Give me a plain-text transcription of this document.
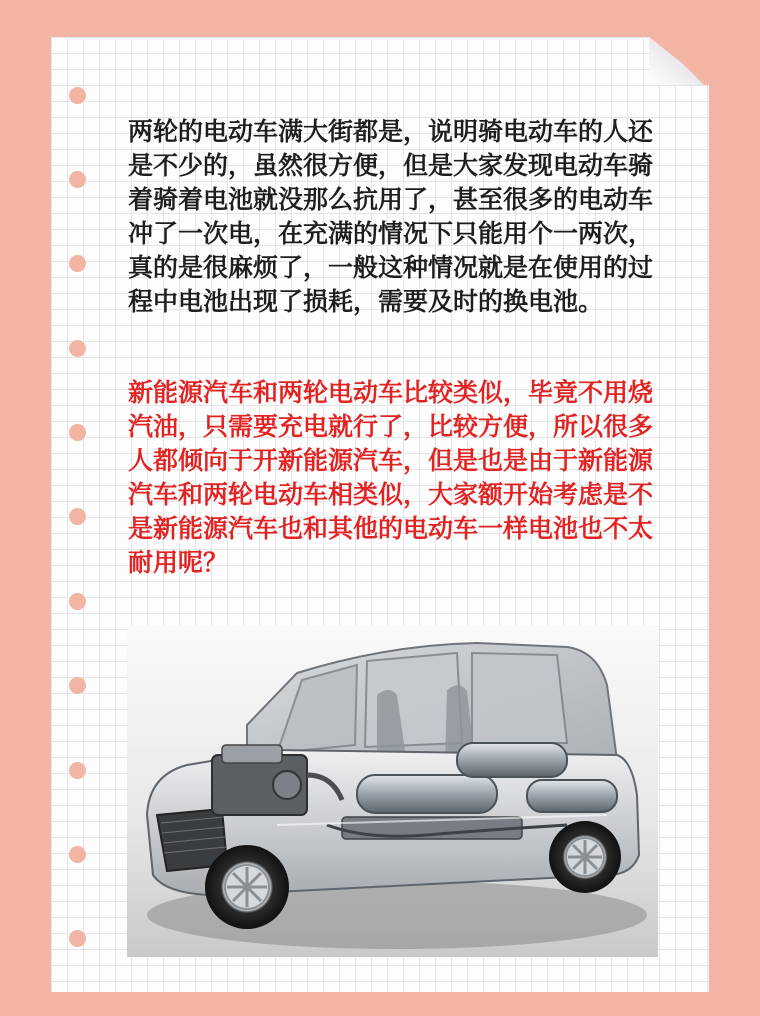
两轮的电动车满大街都是，说明骑电动车的人还是不少的，虽然很方便，但是大家发现电动车骑着骑着电池就没那么抗用了，甚至很多的电动车冲了一次电，在充满的情况下只能用个一两次，真的是很麻烦了，一般这种情况就是在使用的过程中电池出现了损耗，需要及时的换电池。

新能源汽车和两轮电动车比较类似，毕竟不用烧汽油，只需要充电就行了，比较方便，所以很多人都倾向于开新能源汽车，但是也是由于新能源汽车和两轮电动车相类似，大家额开始考虑是不是新能源汽车也和其他的电动车一样电池也不太耐用呢？
